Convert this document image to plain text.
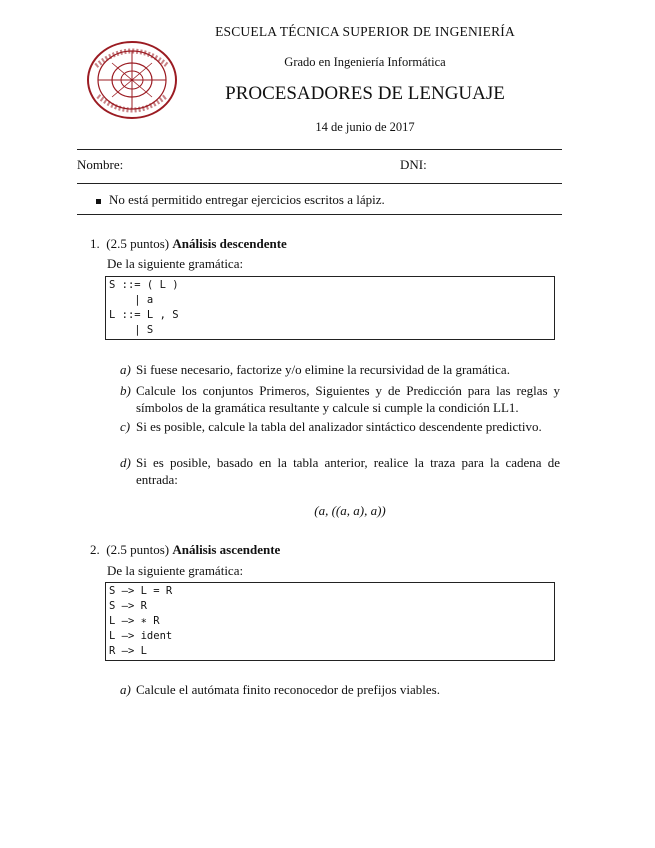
ESCUELA TÉCNICA SUPERIOR DE INGENIERÍA
Grado en Ingeniería Informática
PROCESADORES DE LENGUAJE
14 de junio de 2017
Nombre:	DNI:
No está permitido entregar ejercicios escritos a lápiz.
1. (2.5 puntos) Análisis descendente
De la siguiente gramática:
S ::= ( L )
| a
L ::= L , S
| S
a) Si fuese necesario, factorize y/o elimine la recursividad de la gramática.
b) Calcule los conjuntos Primeros, Siguientes y de Predicción para las reglas y símbolos de la gramática resultante y calcule si cumple la condición LL1.
c) Si es posible, calcule la tabla del analizador sintáctico descendente predictivo.
d) Si es posible, basado en la tabla anterior, realice la traza para la cadena de entrada:
(a, ((a, a), a))
2. (2.5 puntos) Análisis ascendente
De la siguiente gramática:
S –> L = R
S –> R
L –> ∗ R
L –> ident
R –> L
a) Calcule el autómata finito reconocedor de prefijos viables.
